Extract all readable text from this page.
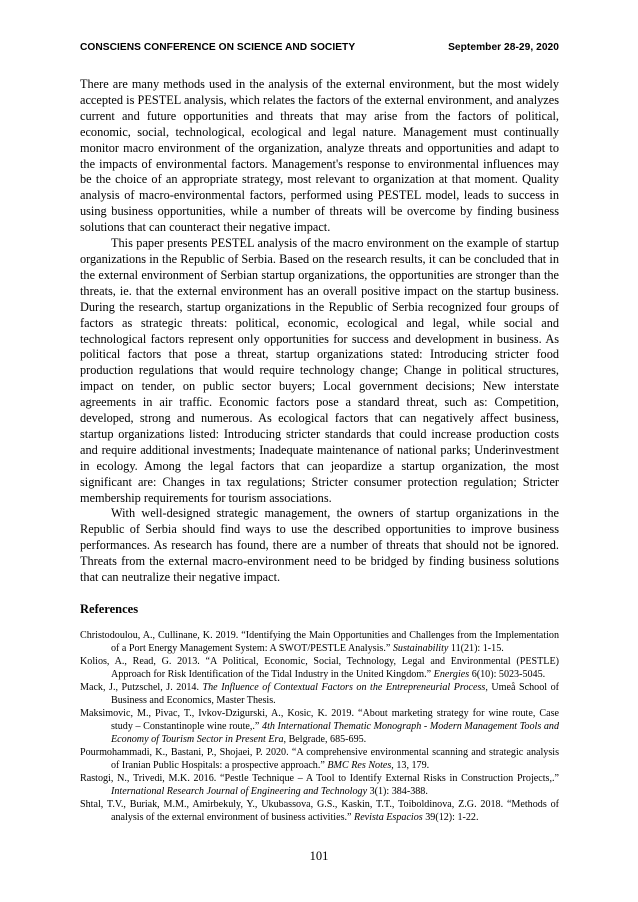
CONSCIENS CONFERENCE ON SCIENCE AND SOCIETY	September 28-29, 2020

There are many methods used in the analysis of the external environment, but the most widely accepted is PESTEL analysis, which relates the factors of the external environment, and analyzes current and future opportunities and threats that may arise from the factors of political, economic, social, technological, ecological and legal nature. Management must continually monitor macro environment of the organization, analyze threats and opportunities and adapt to the impacts of environmental factors. Management's response to environmental influences may be the choice of an appropriate strategy, most relevant to organization at that moment. Quality analysis of macro-environmental factors, performed using PESTEL model, leads to success in using business opportunities, while a number of threats will be overcome by finding business solutions that can counteract their negative impact.

This paper presents PESTEL analysis of the macro environment on the example of startup organizations in the Republic of Serbia. Based on the research results, it can be concluded that in the external environment of Serbian startup organizations, the opportunities are stronger than the threats, ie. that the external environment has an overall positive impact on the startup business. During the research, startup organizations in the Republic of Serbia recognized four groups of factors as strategic threats: political, economic, ecological and legal, while social and technological factors represent only opportunities for success and development in business. As political factors that pose a threat, startup organizations stated: Introducing stricter food production regulations that would require technology change; Change in political structures, impact on tender, on public sector buyers; Local government decisions; New interstate agreements in air traffic. Economic factors pose a standard threat, such as: Competition, developed, strong and numerous. As ecological factors that can negatively affect business, startup organizations listed: Introducing stricter standards that could increase production costs and require additional investments; Inadequate maintenance of national parks; Underinvestment in ecology. Among the legal factors that can jeopardize a startup organization, the most significant are: Changes in tax regulations; Stricter consumer protection regulation; Stricter membership requirements for tourism associations.

With well-designed strategic management, the owners of startup organizations in the Republic of Serbia should find ways to use the described opportunities to improve business performances. As research has found, there are a number of threats that should not be ignored. Threats from the external macro-environment need to be bridged by finding business solutions that can neutralize their negative impact.

References

Christodoulou, A., Cullinane, K. 2019. “Identifying the Main Opportunities and Challenges from the Implementation of a Port Energy Management System: A SWOT/PESTLE Analysis.” Sustainability 11(21): 1-15.

Kolios, A., Read, G. 2013. “A Political, Economic, Social, Technology, Legal and Environmental (PESTLE) Approach for Risk Identification of the Tidal Industry in the United Kingdom.” Energies 6(10): 5023-5045.

Mack, J., Putzschel, J. 2014. The Influence of Contextual Factors on the Entrepreneurial Process, Umeå School of Business and Economics, Master Thesis.

Maksimovic, M., Pivac, T., Ivkov-Dzigurski, A., Kosic, K. 2019. “About marketing strategy for wine route, Case study – Constantinople wine route,.” 4th International Thematic Monograph - Modern Management Tools and Economy of Tourism Sector in Present Era, Belgrade, 685-695.

Pourmohammadi, K., Bastani, P., Shojaei, P. 2020. “A comprehensive environmental scanning and strategic analysis of Iranian Public Hospitals: a prospective approach.” BMC Res Notes, 13, 179.

Rastogi, N., Trivedi, M.K. 2016. “Pestle Technique – A Tool to Identify External Risks in Construction Projects,.” International Research Journal of Engineering and Technology 3(1): 384-388.

Shtal, T.V., Buriak, M.M., Amirbekuly, Y., Ukubassova, G.S., Kaskin, T.T., Toiboldinova, Z.G. 2018. “Methods of analysis of the external environment of business activities.” Revista Espacios 39(12): 1-22.

101
